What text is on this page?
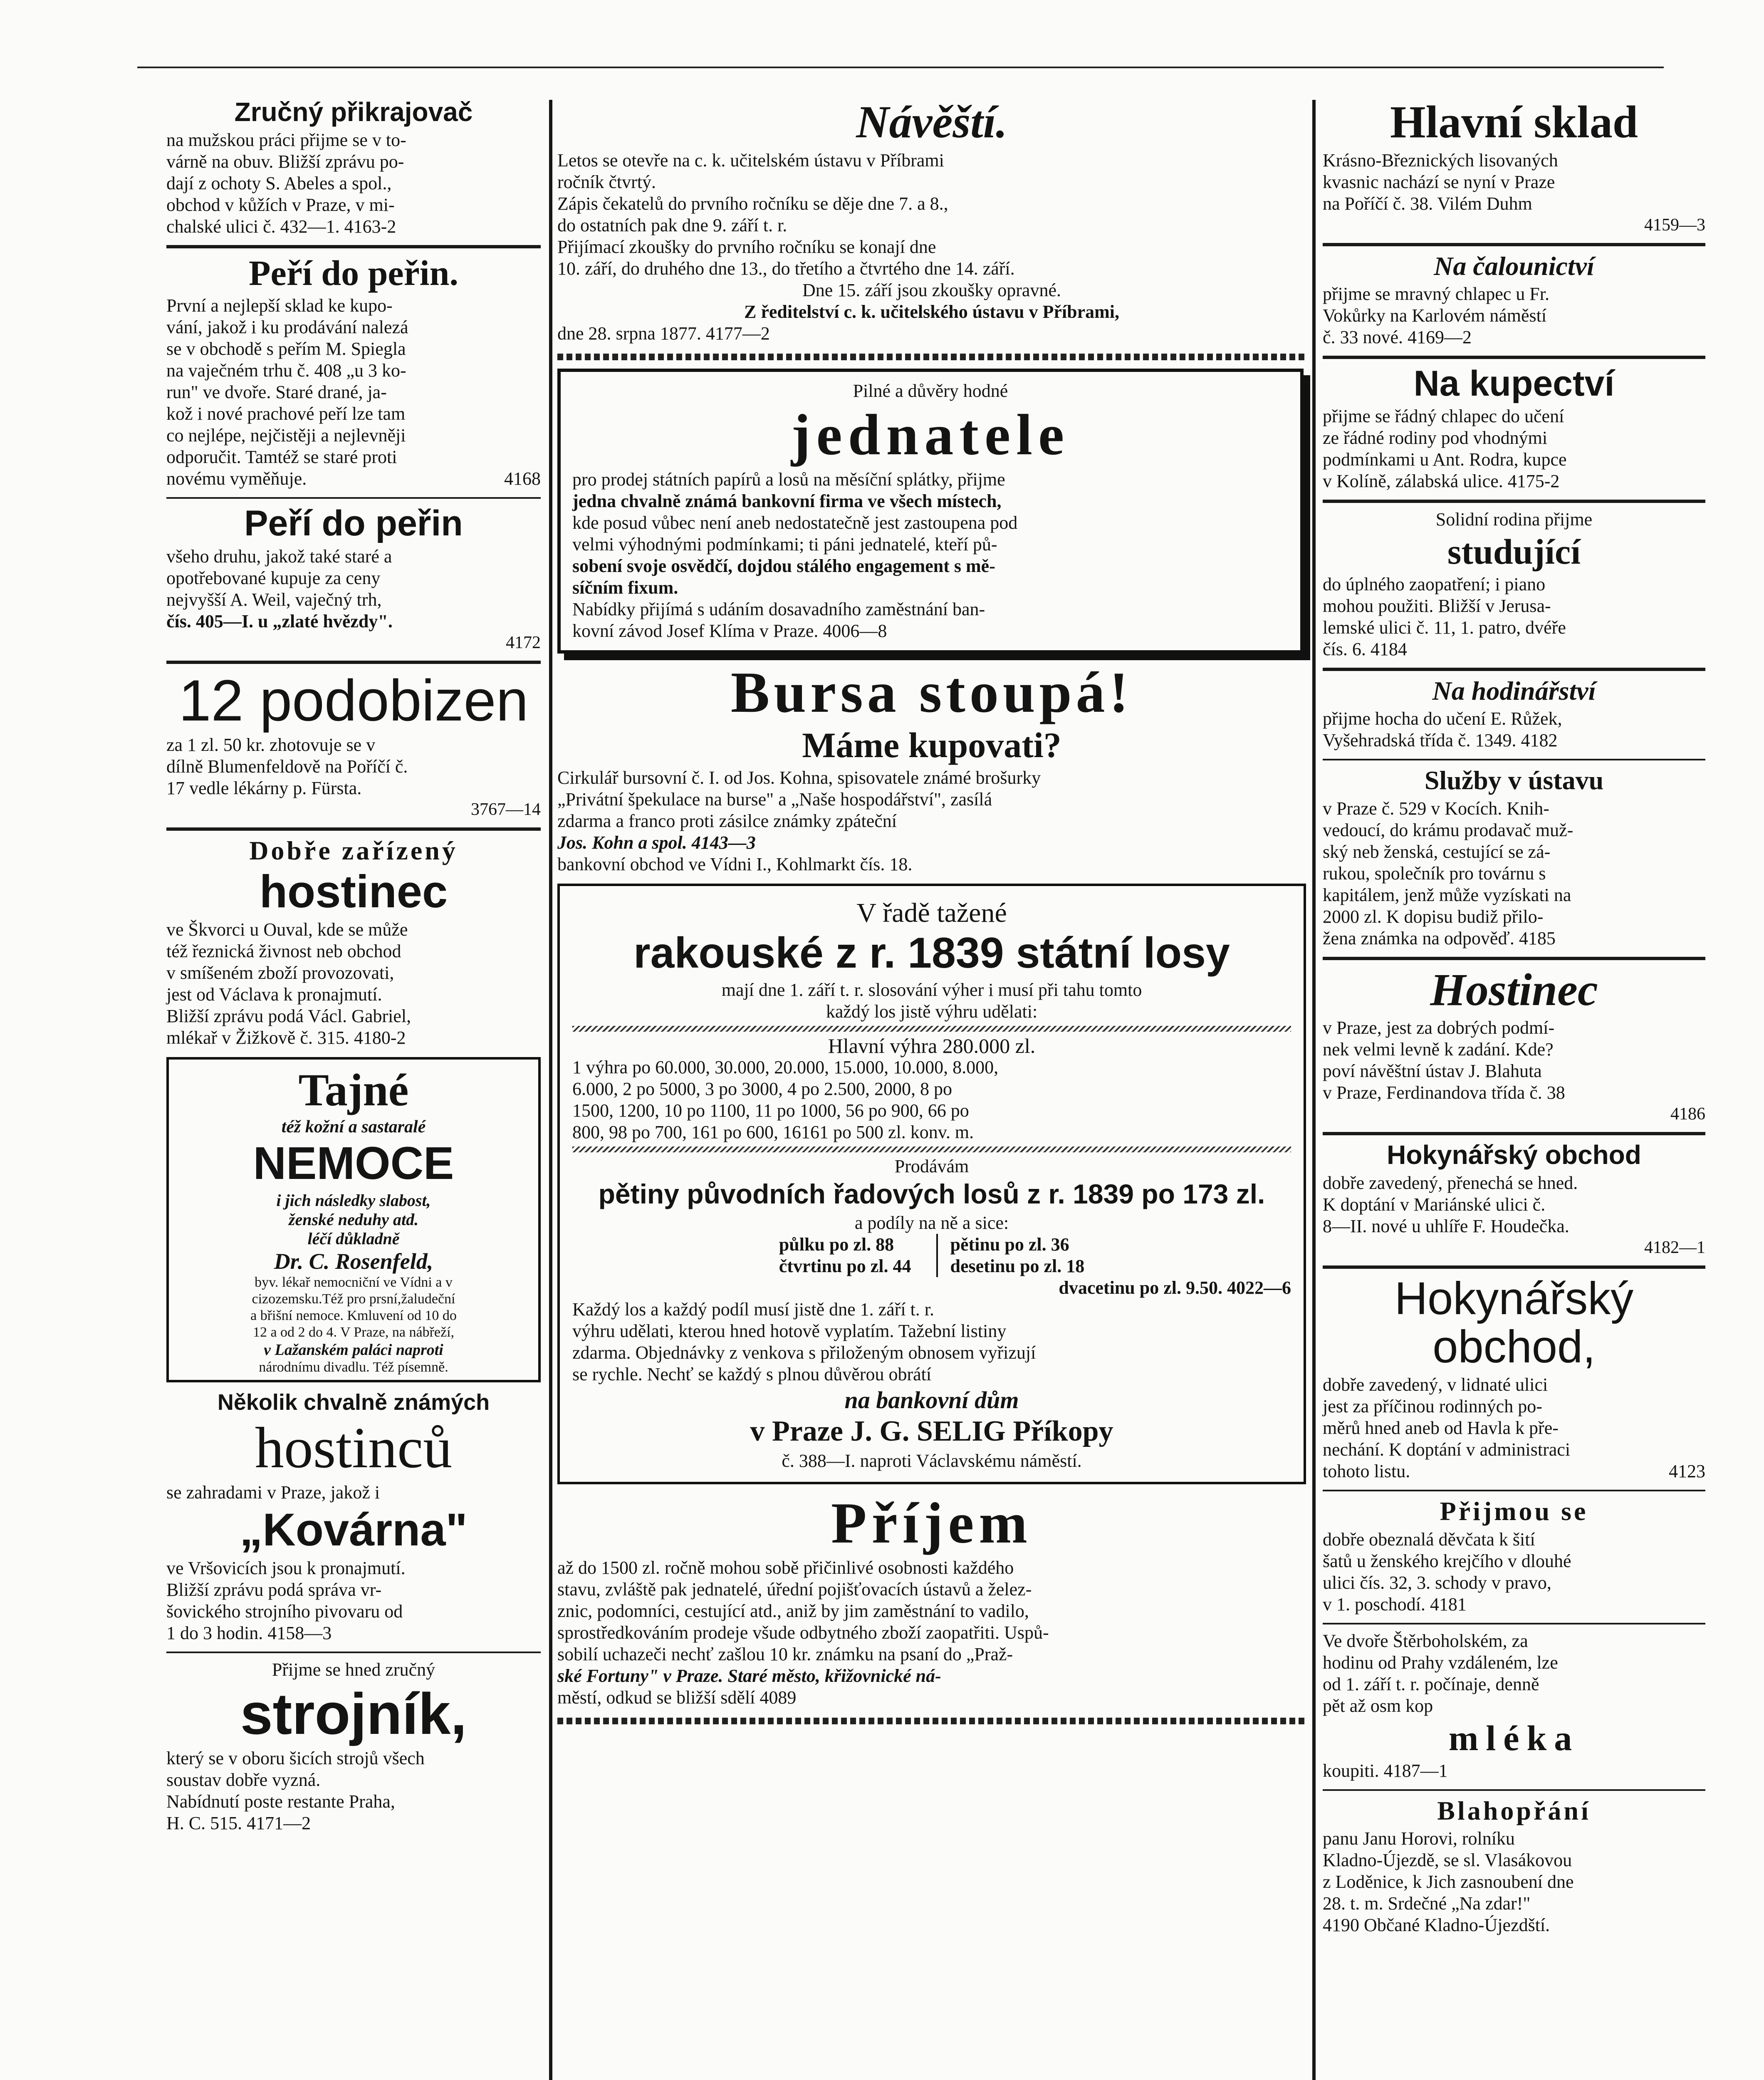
Zručný přikrajovač
na mužskou práci přijme se v to-
várně na obuv. Bližší zprávu po-
dají z ochoty S. Abeles a spol.,
obchod v kůžích v Praze, v mi-
chalské ulici č. 432—1. 4163-2
Peří do peřin.
První a nejlepší sklad ke kupo-
vání, jakož i ku prodávání nalezá
se v obchodě s peřím M. Spiegla
na vaječném trhu č. 408 „u 3 ko-
run" ve dvoře. Staré drané, ja-
kož i nové prachové peří lze tam
co nejlépe, nejčistěji a nejlevněji
odporučit. Tamtéž se staré proti
novému vyměňuje.	4168
Peří do peřin
všeho druhu, jakož také staré a
opotřebované kupuje za ceny
nejvyšší A. Weil, vaječný trh,
čís. 405—I. u „zlaté hvězdy".
4172
12 podobizen
za 1 zl. 50 kr. zhotovuje se v
dílně Blumenfeldově na Poříčí č.
17 vedle lékárny p. Fürsta.
3767—14
Dobře zařízený
hostinec
ve Škvorci u Ouval, kde se může
též řeznická živnost neb obchod
v smíšeném zboží provozovati,
jest od Václava k pronajmutí.
Bližší zprávu podá Václ. Gabriel,
mlékař v Žižkově č. 315. 4180-2
Tajné
též kožní a sastaralé
NEMOCE
i jich následky slabost,
ženské neduhy atd.
léčí důkladně
Dr. C. Rosenfeld,
byv. lékař nemocniční ve Vídni a v
cizozemsku.Též pro prsní,žaludeční
a břišní nemoce. Kmluvení od 10 do
12 a od 2 do 4. V Praze, na nábřeží,
v Lažanském paláci naproti
národnímu divadlu. Též písemně.
Několik chvalně známých
hostinců
se zahradami v Praze, jakož i
„Kovárna"
ve Vršovicích jsou k pronajmutí.
Bližší zprávu podá správa vr-
šovického strojního pivovaru od
1 do 3 hodin. 4158—3
Přijme se hned zručný
strojník,
který se v oboru šicích strojů všech
soustav dobře vyzná.
Nabídnutí poste restante Praha,
H. C. 515. 4171—2
Návěští.
Letos se otevře na c. k. učitelském ústavu v Příbrami
ročník čtvrtý.
Zápis čekatelů do prvního ročníku se děje dne 7. a 8.,
do ostatních pak dne 9. září t. r.
Přijímací zkoušky do prvního ročníku se konají dne
10. září, do druhého dne 13., do třetího a čtvrtého dne 14. září.
Dne 15. září jsou zkoušky opravné.
Z ředitelství c. k. učitelského ústavu v Příbrami,
dne 28. srpna 1877. 4177—2
Pilné a důvěry hodné
jednatele
pro prodej státních papírů a losů na měsíční splátky, přijme
jedna chvalně známá bankovní firma ve všech místech,
kde posud vůbec není aneb nedostatečně jest zastoupena pod
velmi výhodnými podmínkami; ti páni jednatelé, kteří pů-
sobení svoje osvědčí, dojdou stálého engagement s mě-
síčním fixum.
Nabídky přijímá s udáním dosavadního zaměstnání ban-
kovní závod Josef Klíma v Praze. 4006—8
Bursa stoupá!
Máme kupovati?
Cirkulář bursovní č. I. od Jos. Kohna, spisovatele známé brošurky
„Privátní špekulace na burse" a „Naše hospodářství", zasílá
zdarma a franco proti zásilce známky zpáteční
Jos. Kohn a spol. 4143—3
bankovní obchod ve Vídni I., Kohlmarkt čís. 18.
V řadě tažené
rakouské z r. 1839 státní losy
mají dne 1. září t. r. slosování výher i musí při tahu tomto
každý los jistě výhru udělati:
Hlavní výhra 280.000 zl.
1 výhra po 60.000, 30.000, 20.000, 15.000, 10.000, 8.000,
6.000, 2 po 5000, 3 po 3000, 4 po 2.500, 2000, 8 po
1500, 1200, 10 po 1100, 11 po 1000, 56 po 900, 66 po
800, 98 po 700, 161 po 600, 16161 po 500 zl. konv. m.
Prodávám
pětiny původních řadových losů z r. 1839 po 173 zl.
a podíly na ně a sice:
půlku po zl. 88
čtvrtinu po zl. 44
pětinu po zl. 36
desetinu po zl. 18
dvacetinu po zl. 9.50. 4022—6
Každý los a každý podíl musí jistě dne 1. září t. r.
výhru udělati, kterou hned hotově vyplatím. Tažební listiny
zdarma. Objednávky z venkova s přiloženým obnosem vyřizují
se rychle. Nechť se každý s plnou důvěrou obrátí
na bankovní dům
v Praze J. G. SELIG Příkopy
č. 388—I. naproti Václavskému náměstí.
Příjem
až do 1500 zl. ročně mohou sobě přičinlivé osobnosti každého
stavu, zvláště pak jednatelé, úřední pojišťovacích ústavů a želez-
znic, podomníci, cestující atd., aniž by jim zaměstnání to vadilo,
sprostředkováním prodeje všude odbytného zboží zaopatřiti. Uspů-
sobilí uchazeči nechť zašlou 10 kr. známku na psaní do „Praž-
ské Fortuny" v Praze. Staré město, křižovnické ná-
městí, odkud se bližší sdělí 4089
Hlavní sklad
Krásno-Březnických lisovaných
kvasnic nachází se nyní v Praze
na Poříčí č. 38. Vilém Duhm
4159—3
Na čalounictví
přijme se mravný chlapec u Fr.
Vokůrky na Karlovém náměstí
č. 33 nové. 4169—2
Na kupectví
přijme se řádný chlapec do učení
ze řádné rodiny pod vhodnými
podmínkami u Ant. Rodra, kupce
v Kolíně, zálabská ulice. 4175-2
Solidní rodina přijme
studující
do úplného zaopatření; i piano
mohou použiti. Bližší v Jerusa-
lemské ulici č. 11, 1. patro, dvéře
čís. 6. 4184
Na hodinářství
přijme hocha do učení E. Růžek,
Vyšehradská třída č. 1349. 4182
Služby v ústavu
v Praze č. 529 v Kocích. Knih-
vedoucí, do krámu prodavač muž-
ský neb ženská, cestující se zá-
rukou, společník pro továrnu s
kapitálem, jenž může vyzískati na
2000 zl. K dopisu budiž přilo-
žena známka na odpověď. 4185
Hostinec
v Praze, jest za dobrých podmí-
nek velmi levně k zadání. Kde?
poví návěštní ústav J. Blahuta
v Praze, Ferdinandova třída č. 38
4186
Hokynářský obchod
dobře zavedený, přenechá se hned.
K doptání v Mariánské ulici č.
8—II. nové u uhlíře F. Houdečka.
4182—1
Hokynářský obchod,
dobře zavedený, v lidnaté ulici
jest za příčinou rodinných po-
měrů hned aneb od Havla k pře-
nechání. K doptání v administraci
tohoto listu.	4123
Přijmou se
dobře obeznalá děvčata k šití
šatů u ženského krejčího v dlouhé
ulici čís. 32, 3. schody v pravo,
v 1. poschodí. 4181
Ve dvoře Štěrboholském, za
hodinu od Prahy vzdáleném, lze
od 1. září t. r. počínaje, denně
pět až osm kop
mléka
koupiti. 4187—1
Blahopřání
panu Janu Horovi, rolníku
Kladno-Újezdě, se sl. Vlasákovou
z Loděnice, k Jich zasnoubení dne
28. t. m. Srdečné „Na zdar!"
4190 Občané Kladno-Újezdští.
